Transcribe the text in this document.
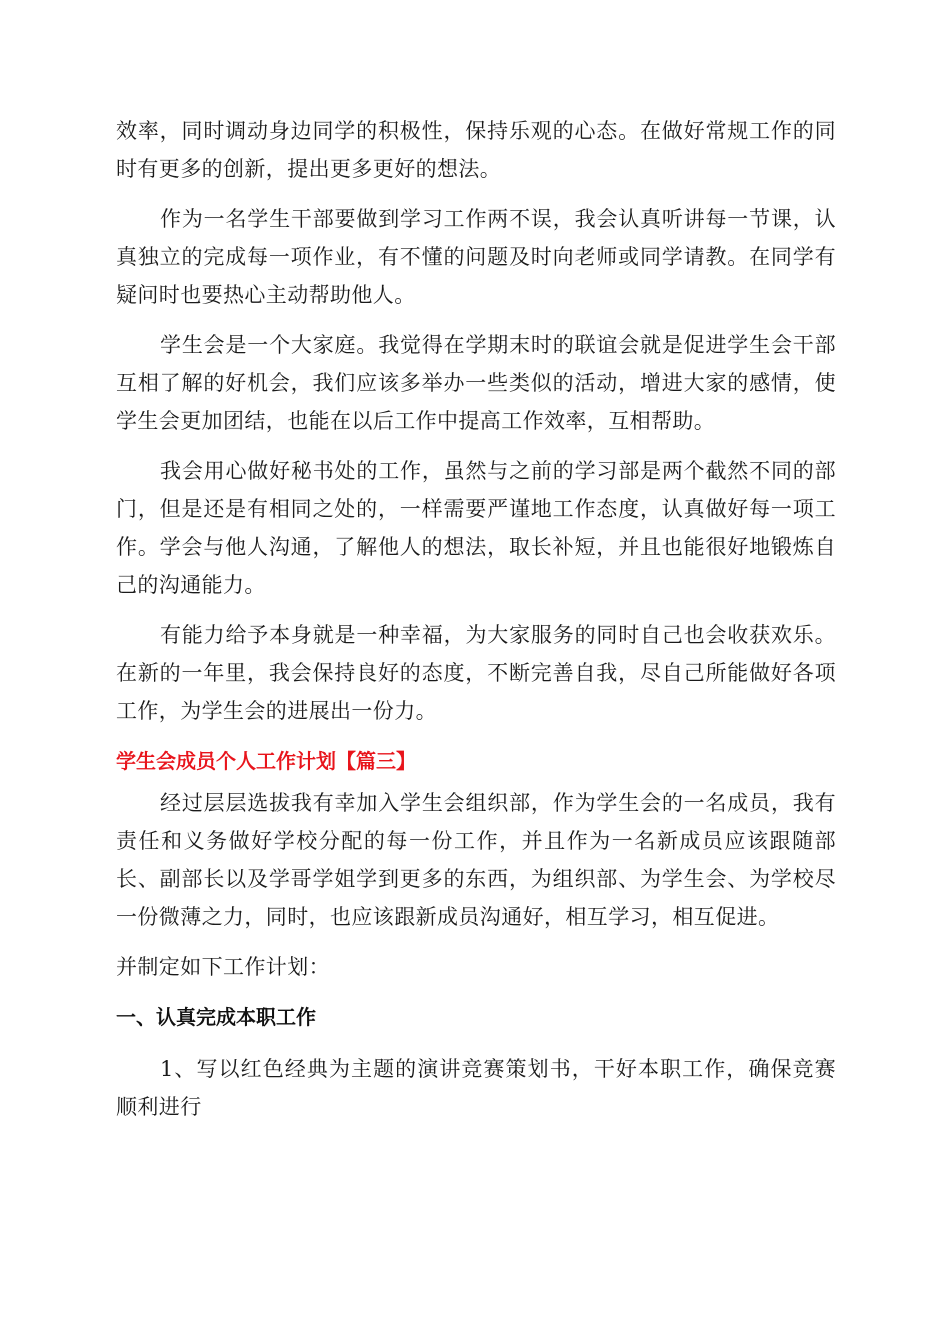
效率，同时调动身边同学的积极性，保持乐观的心态。在做好常规工作的同时有更多的创新，提出更多更好的想法。

作为一名学生干部要做到学习工作两不误，我会认真听讲每一节课，认真独立的完成每一项作业，有不懂的问题及时向老师或同学请教。在同学有疑问时也要热心主动帮助他人。

学生会是一个大家庭。我觉得在学期末时的联谊会就是促进学生会干部互相了解的好机会，我们应该多举办一些类似的活动，增进大家的感情，使学生会更加团结，也能在以后工作中提高工作效率，互相帮助。

我会用心做好秘书处的工作，虽然与之前的学习部是两个截然不同的部门，但是还是有相同之处的，一样需要严谨地工作态度，认真做好每一项工作。学会与他人沟通，了解他人的想法，取长补短，并且也能很好地锻炼自己的沟通能力。

有能力给予本身就是一种幸福，为大家服务的同时自己也会收获欢乐。在新的一年里，我会保持良好的态度，不断完善自我，尽自己所能做好各项工作，为学生会的进展出一份力。

学生会成员个人工作计划【篇三】

经过层层选拔我有幸加入学生会组织部，作为学生会的一名成员，我有责任和义务做好学校分配的每一份工作，并且作为一名新成员应该跟随部长、副部长以及学哥学姐学到更多的东西，为组织部、为学生会、为学校尽一份微薄之力，同时，也应该跟新成员沟通好，相互学习，相互促进。

并制定如下工作计划：

一、认真完成本职工作

1、写以红色经典为主题的演讲竞赛策划书，干好本职工作，确保竞赛顺利进行
